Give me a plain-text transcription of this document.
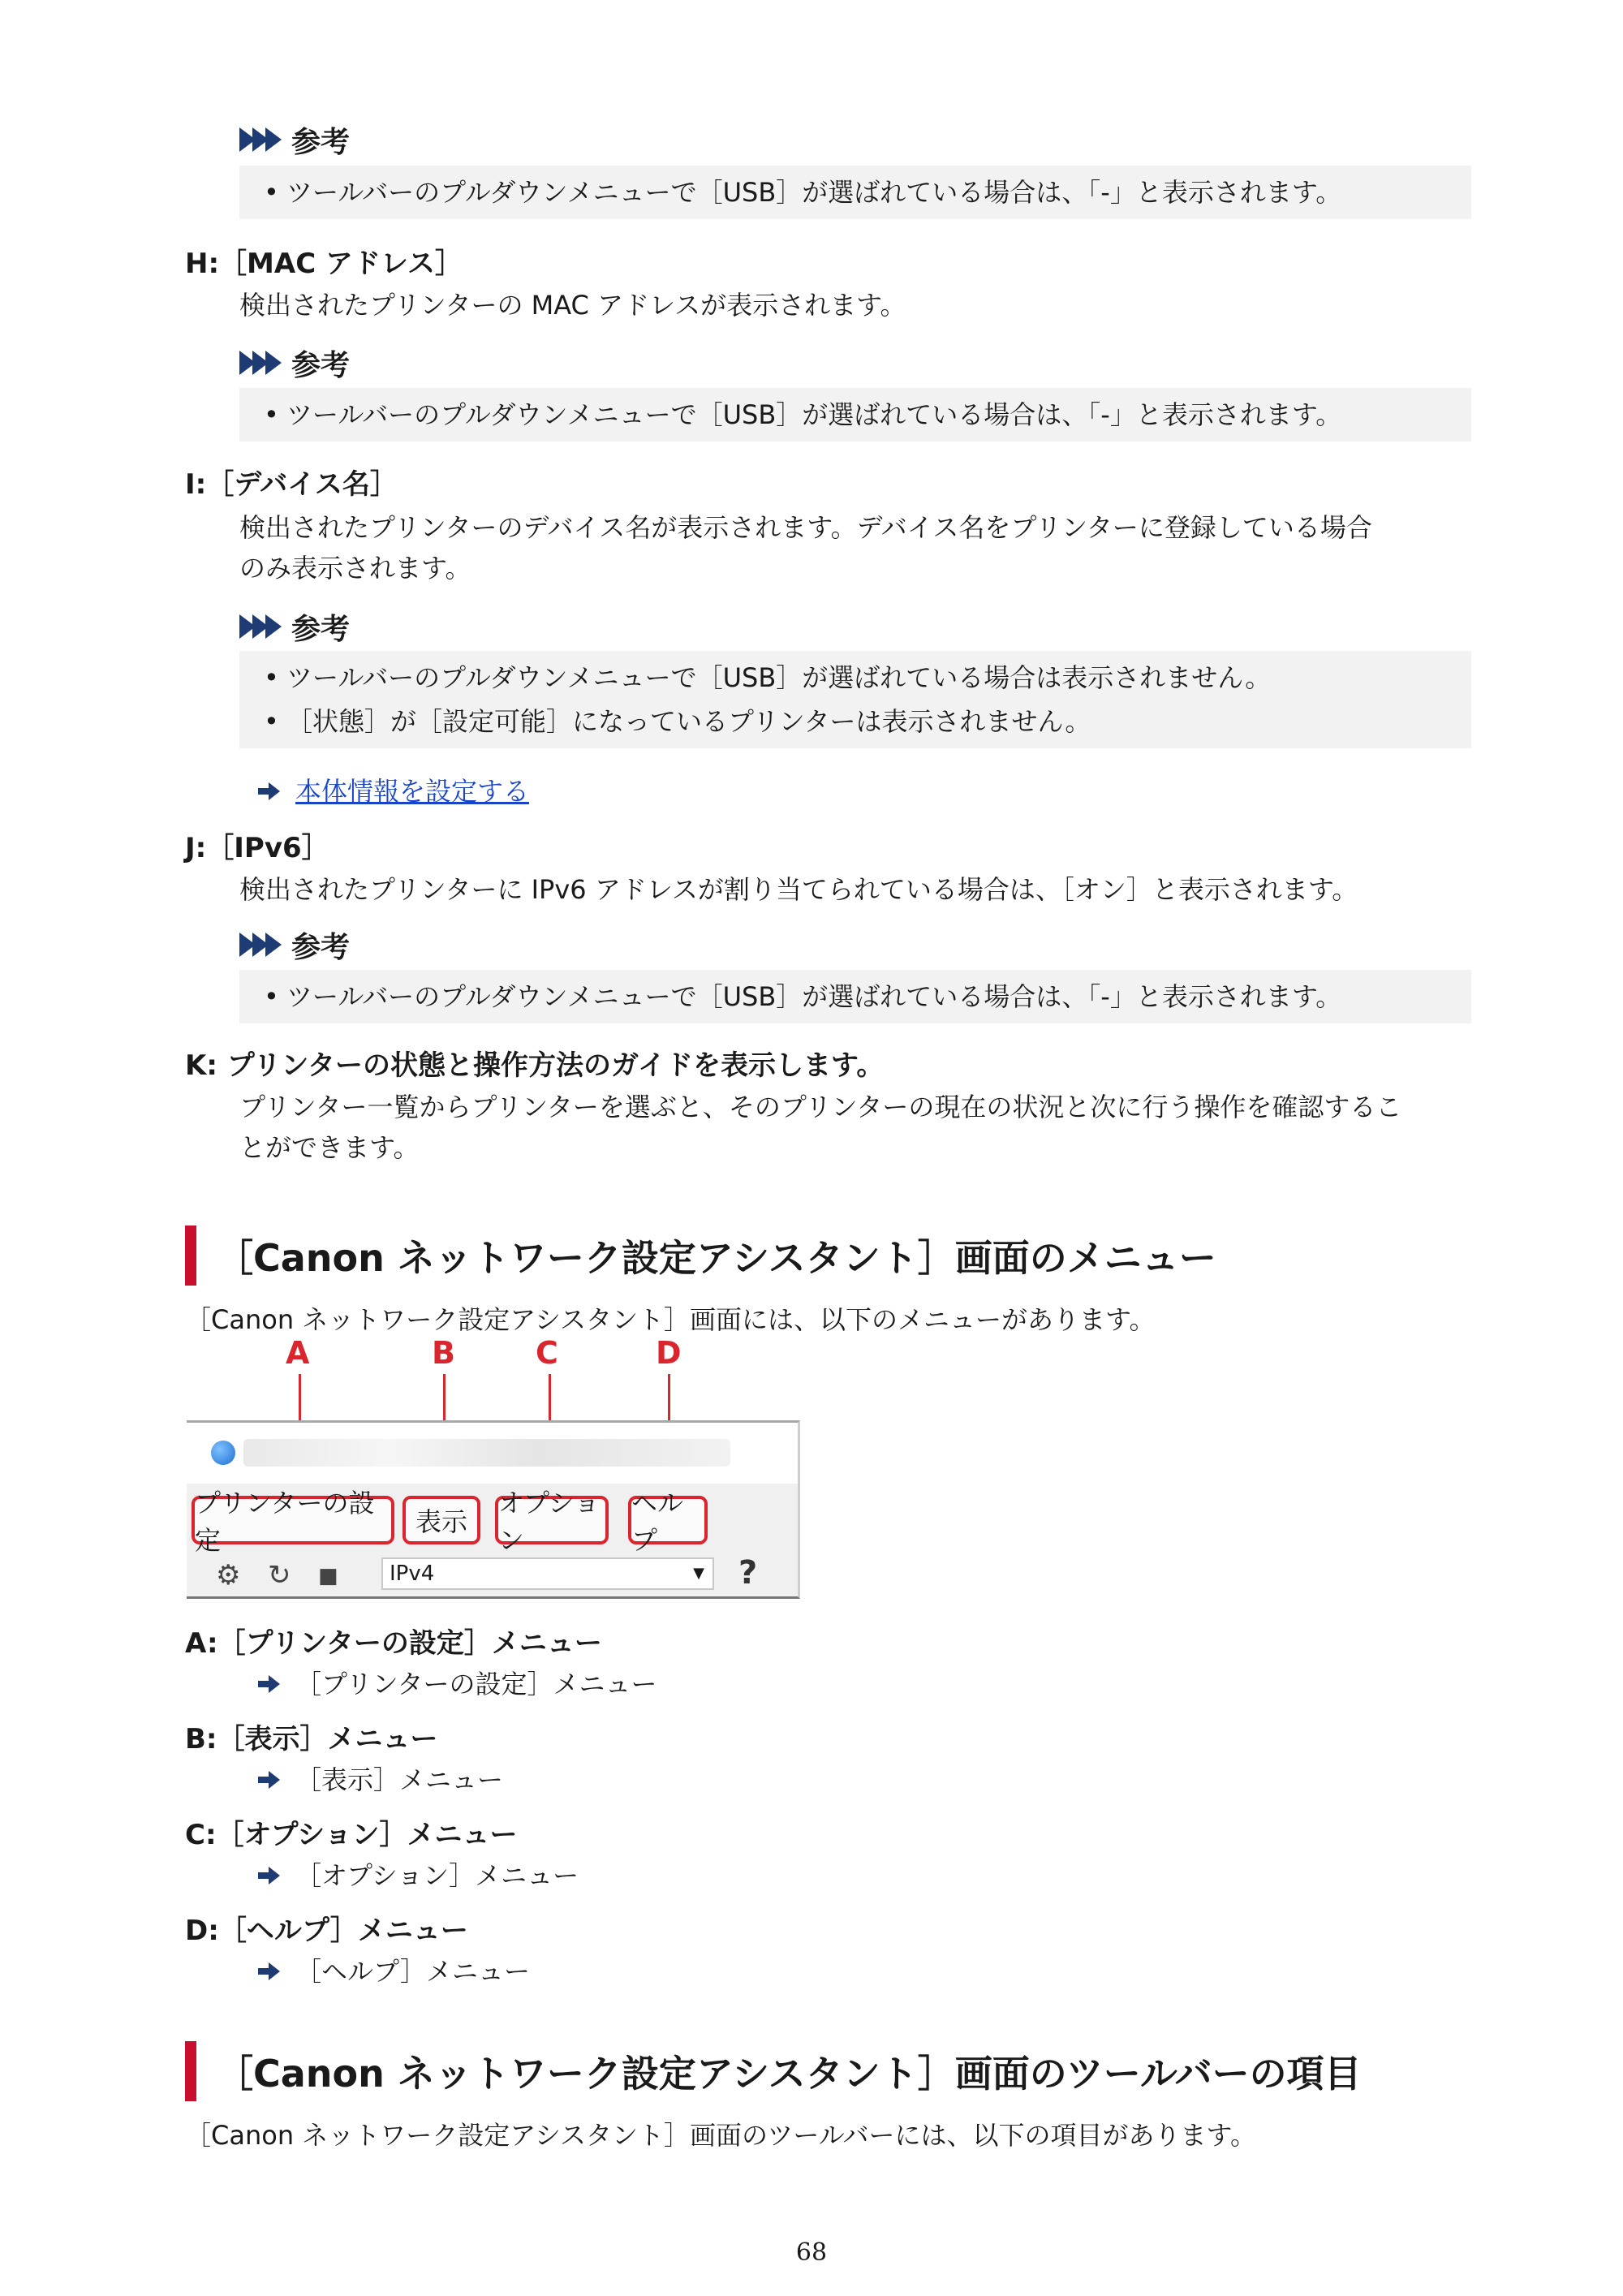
参考
• ツールバーのプルダウンメニューで［USB］が選ばれている場合は、「-」と表示されます。
H:［MAC アドレス］
検出されたプリンターの MAC アドレスが表示されます。
参考
• ツールバーのプルダウンメニューで［USB］が選ばれている場合は、「-」と表示されます。
I:［デバイス名］
検出されたプリンターのデバイス名が表示されます。デバイス名をプリンターに登録している場合
のみ表示されます。
参考
• ツールバーのプルダウンメニューで［USB］が選ばれている場合は表示されません。
• ［状態］が［設定可能］になっているプリンターは表示されません。
本体情報を設定する
J:［IPv6］
検出されたプリンターに IPv6 アドレスが割り当てられている場合は、［オン］と表示されます。
参考
• ツールバーのプルダウンメニューで［USB］が選ばれている場合は、「-」と表示されます。
K: プリンターの状態と操作方法のガイドを表示します。
プリンター一覧からプリンターを選ぶと、そのプリンターの現在の状況と次に行う操作を確認するこ
とができます。
［Canon ネットワーク設定アシスタント］画面のメニュー
［Canon ネットワーク設定アシスタント］画面には、以下のメニューがあります。
A	B	C	D
プリンターの設定
表示
オプション
ヘルプ
⚙ ↻ ■	IPv4	▼ ?
A:［プリンターの設定］メニュー
［プリンターの設定］メニュー
B:［表示］メニュー
［表示］メニュー
C:［オプション］メニュー
［オプション］メニュー
D:［ヘルプ］メニュー
［ヘルプ］メニュー
［Canon ネットワーク設定アシスタント］画面のツールバーの項目
［Canon ネットワーク設定アシスタント］画面のツールバーには、以下の項目があります。
68
